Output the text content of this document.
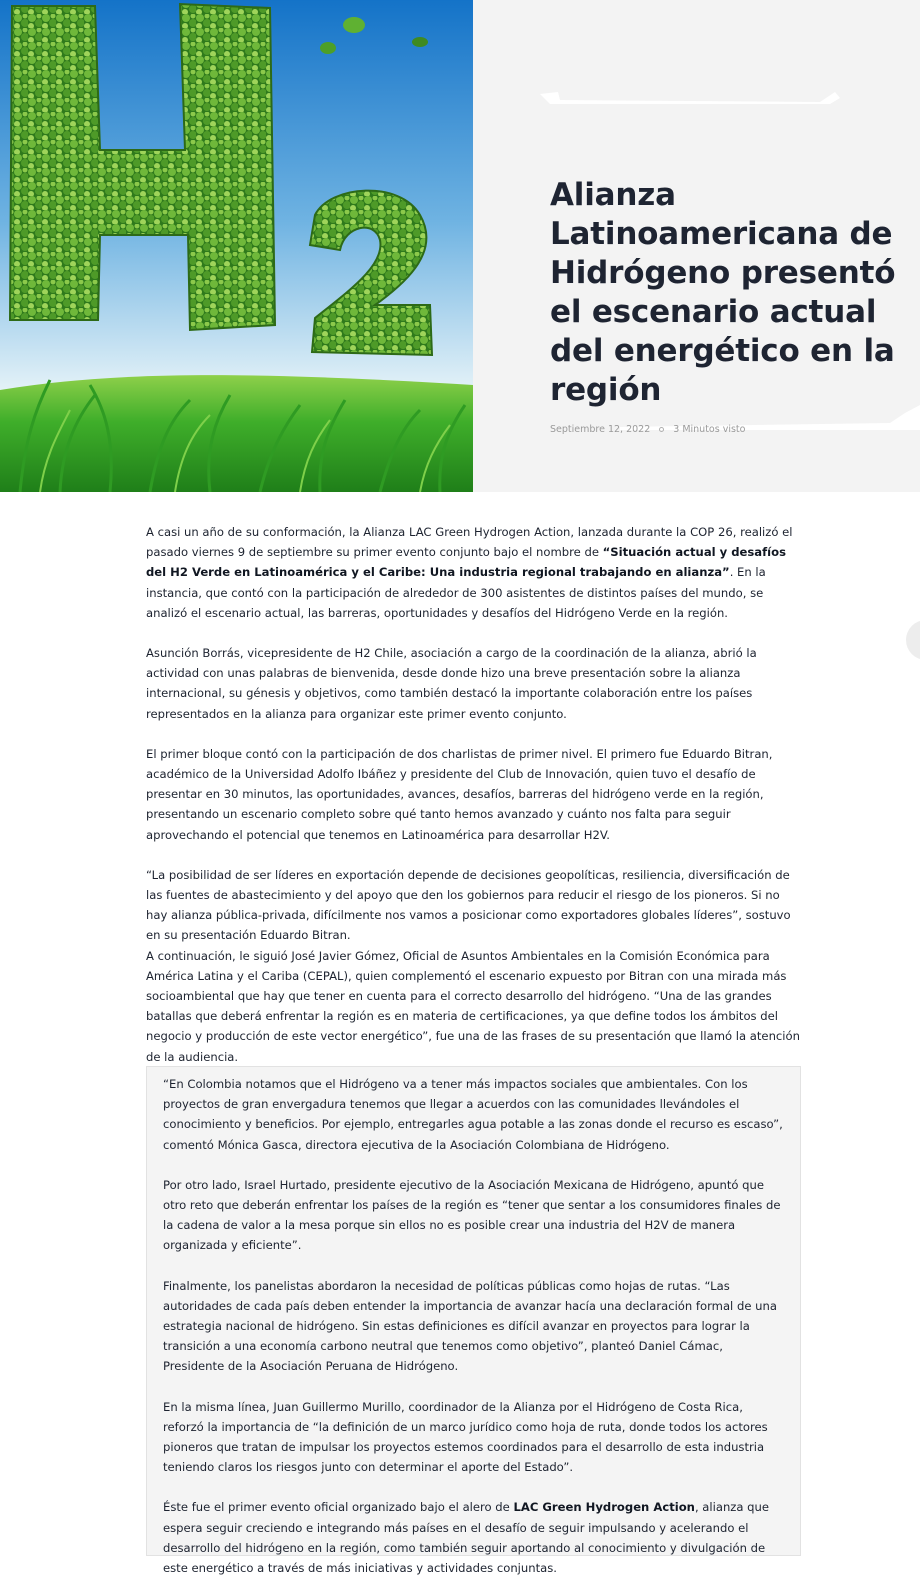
Alianza Latinoamericana de Hidrógeno presentó el escenario actual del energético en la región
Septiembre 12, 2022 3 Minutos visto

A casi un año de su conformación, la Alianza LAC Green Hydrogen Action, lanzada durante la COP 26, realizó el pasado viernes 9 de septiembre su primer evento conjunto bajo el nombre de “Situación actual y desafíos del H2 Verde en Latinoamérica y el Caribe: Una industria regional trabajando en alianza”. En la instancia, que contó con la participación de alrededor de 300 asistentes de distintos países del mundo, se analizó el escenario actual, las barreras, oportunidades y desafíos del Hidrógeno Verde en la región.

Asunción Borrás, vicepresidente de H2 Chile, asociación a cargo de la coordinación de la alianza, abrió la actividad con unas palabras de bienvenida, desde donde hizo una breve presentación sobre la alianza internacional, su génesis y objetivos, como también destacó la importante colaboración entre los países representados en la alianza para organizar este primer evento conjunto.

El primer bloque contó con la participación de dos charlistas de primer nivel. El primero fue Eduardo Bitran, académico de la Universidad Adolfo Ibáñez y presidente del Club de Innovación, quien tuvo el desafío de presentar en 30 minutos, las oportunidades, avances, desafíos, barreras del hidrógeno verde en la región, presentando un escenario completo sobre qué tanto hemos avanzado y cuánto nos falta para seguir aprovechando el potencial que tenemos en Latinoamérica para desarrollar H2V.

“La posibilidad de ser líderes en exportación depende de decisiones geopolíticas, resiliencia, diversificación de las fuentes de abastecimiento y del apoyo que den los gobiernos para reducir el riesgo de los pioneros. Si no hay alianza pública-privada, difícilmente nos vamos a posicionar como exportadores globales líderes”, sostuvo en su presentación Eduardo Bitran.

A continuación, le siguió José Javier Gómez, Oficial de Asuntos Ambientales en la Comisión Económica para América Latina y el Cariba (CEPAL), quien complementó el escenario expuesto por Bitran con una mirada más socioambiental que hay que tener en cuenta para el correcto desarrollo del hidrógeno. “Una de las grandes batallas que deberá enfrentar la región es en materia de certificaciones, ya que define todos los ámbitos del negocio y producción de este vector energético”, fue una de las frases de su presentación que llamó la atención de la audiencia.

“En Colombia notamos que el Hidrógeno va a tener más impactos sociales que ambientales. Con los proyectos de gran envergadura tenemos que llegar a acuerdos con las comunidades llevándoles el conocimiento y beneficios. Por ejemplo, entregarles agua potable a las zonas donde el recurso es escaso”, comentó Mónica Gasca, directora ejecutiva de la Asociación Colombiana de Hidrógeno.

Por otro lado, Israel Hurtado, presidente ejecutivo de la Asociación Mexicana de Hidrógeno, apuntó que otro reto que deberán enfrentar los países de la región es “tener que sentar a los consumidores finales de la cadena de valor a la mesa porque sin ellos no es posible crear una industria del H2V de manera organizada y eficiente”.

Finalmente, los panelistas abordaron la necesidad de políticas públicas como hojas de rutas. “Las autoridades de cada país deben entender la importancia de avanzar hacía una declaración formal de una estrategia nacional de hidrógeno. Sin estas definiciones es difícil avanzar en proyectos para lograr la transición a una economía carbono neutral que tenemos como objetivo”, planteó Daniel Cámac, Presidente de la Asociación Peruana de Hidrógeno.

En la misma línea, Juan Guillermo Murillo, coordinador de la Alianza por el Hidrógeno de Costa Rica, reforzó la importancia de “la definición de un marco jurídico como hoja de ruta, donde todos los actores pioneros que tratan de impulsar los proyectos estemos coordinados para el desarrollo de esta industria teniendo claros los riesgos junto con determinar el aporte del Estado”.

Éste fue el primer evento oficial organizado bajo el alero de LAC Green Hydrogen Action, alianza que espera seguir creciendo e integrando más países en el desafío de seguir impulsando y acelerando el desarrollo del hidrógeno en la región, como también seguir aportando al conocimiento y divulgación de este energético a través de más iniciativas y actividades conjuntas.
